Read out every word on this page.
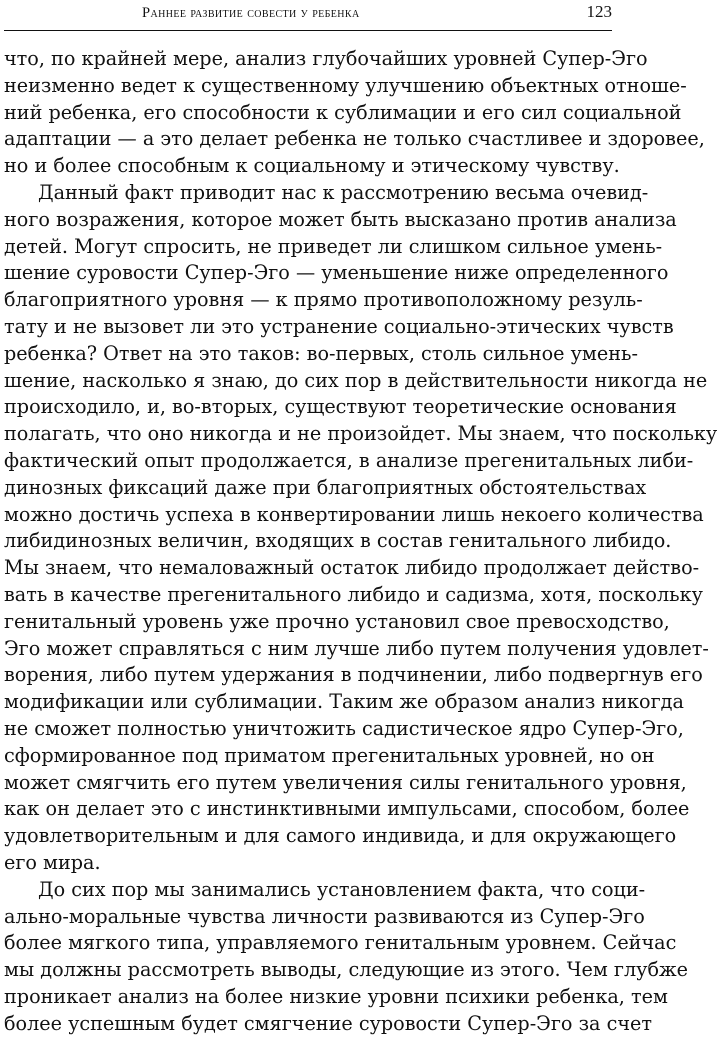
Раннее развитие совести у ребенка	123
что, по крайней мере, анализ глубочайших уровней Супер-Эго
неизменно ведет к существенному улучшению объектных отноше-
ний ребенка, его способности к сублимации и его сил социальной
адаптации — а это делает ребенка не только счастливее и здоровее,
но и более способным к социальному и этическому чувству.
Данный факт приводит нас к рассмотрению весьма очевид-
ного возражения, которое может быть высказано против анализа
детей. Могут спросить, не приведет ли слишком сильное умень-
шение суровости Супер-Эго — уменьшение ниже определенного
благоприятного уровня — к прямо противоположному резуль-
тату и не вызовет ли это устранение социально-этических чувств
ребенка? Ответ на это таков: во-первых, столь сильное умень-
шение, насколько я знаю, до сих пор в действительности никогда не
происходило, и, во-вторых, существуют теоретические основания
полагать, что оно никогда и не произойдет. Мы знаем, что поскольку
фактический опыт продолжается, в анализе прегенитальных либи-
динозных фиксаций даже при благоприятных обстоятельствах
можно достичь успеха в конвертировании лишь некоего количества
либидинозных величин, входящих в состав генитального либидо.
Мы знаем, что немаловажный остаток либидо продолжает действо-
вать в качестве прегенитального либидо и садизма, хотя, поскольку
генитальный уровень уже прочно установил свое превосходство,
Эго может справляться с ним лучше либо путем получения удовлет-
ворения, либо путем удержания в подчинении, либо подвергнув его
модификации или сублимации. Таким же образом анализ никогда
не сможет полностью уничтожить садистическое ядро Супер-Эго,
сформированное под приматом прегенитальных уровней, но он
может смягчить его путем увеличения силы генитального уровня,
как он делает это с инстинктивными импульсами, способом, более
удовлетворительным и для самого индивида, и для окружающего
его мира.
До сих пор мы занимались установлением факта, что соци-
ально-моральные чувства личности развиваются из Супер-Эго
более мягкого типа, управляемого генитальным уровнем. Сейчас
мы должны рассмотреть выводы, следующие из этого. Чем глубже
проникает анализ на более низкие уровни психики ребенка, тем
более успешным будет смягчение суровости Супер-Эго за счет
